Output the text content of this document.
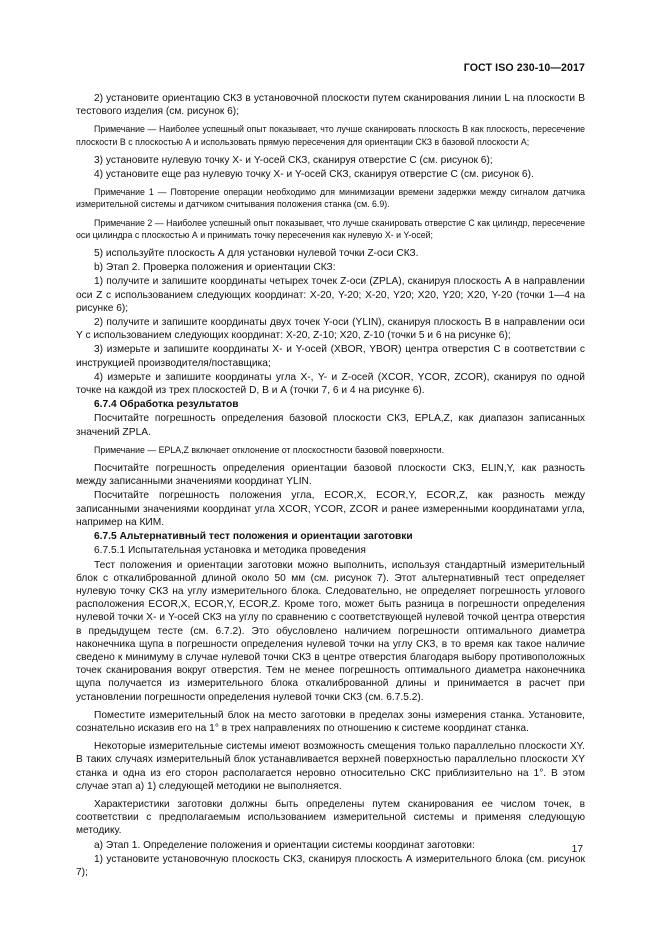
ГОСТ ISO 230-10—2017

2) установите ориентацию СКЗ в установочной плоскости путем сканирования линии L на плоскости В тестового изделия (см. рисунок 6);

Примечание — Наиболее успешный опыт показывает, что лучше сканировать плоскость В как плоскость, пересечение плоскости В с плоскостью А и использовать прямую пересечения для ориентации СКЗ в базовой плоскости А;

3) установите нулевую точку Х- и Y-осей СКЗ, сканируя отверстие С (см. рисунок 6);

4) установите еще раз нулевую точку Х- и Y-осей СКЗ, сканируя отверстие С (см. рисунок 6).

Примечание 1 — Повторение операции необходимо для минимизации времени задержки между сигналом датчика измерительной системы и датчиком считывания положения станка (см. 6.9).

Примечание 2 — Наиболее успешный опыт показывает, что лучше сканировать отверстие С как цилиндр, пересечение оси цилиндра с плоскостью А и принимать точку пересечения как нулевую Х- и Y-осей;

5) используйте плоскость А для установки нулевой точки Z-оси СКЗ.

b) Этап 2. Проверка положения и ориентации СКЗ:

1) получите и запишите координаты четырех точек Z-оси (ZPLA), сканируя плоскость А в направлении оси Z с использованием следующих координат: Х-20, Y-20; Х-20, Y20; Х20, Y20; Х20, Y-20 (точки 1—4 на рисунке 6);

2) получите и запишите координаты двух точек Y-оси (YLIN), сканируя плоскость В в направлении оси Y с использованием следующих координат: Х-20, Z-10; Х20, Z-10 (точки 5 и 6 на рисунке 6);

3) измерьте и запишите координаты Х- и Y-осей (XBOR, YBOR) центра отверстия С в соответствии с инструкцией производителя/поставщика;

4) измерьте и запишите координаты угла Х-, Y- и Z-осей (XCOR, YCOR, ZCOR), сканируя по одной точке на каждой из трех плоскостей D, В и А (точки 7, 6 и 4 на рисунке 6).

6.7.4 Обработка результатов

Посчитайте погрешность определения базовой плоскости СКЗ, EPLA,Z, как диапазон записанных значений ZPLA.

Примечание — EPLA,Z включает отклонение от плоскостности базовой поверхности.

Посчитайте погрешность определения ориентации базовой плоскости СКЗ, ELIN,Y, как разность между записанными значениями координат YLIN.

Посчитайте погрешность положения угла, ECOR,X, ECOR,Y, ECOR,Z, как разность между записанными значениями координат угла XCOR, YCOR, ZCOR и ранее измеренными координатами угла, например на КИМ.

6.7.5 Альтернативный тест положения и ориентации заготовки

6.7.5.1 Испытательная установка и методика проведения

Тест положения и ориентации заготовки можно выполнить, используя стандартный измерительный блок с откалиброванной длиной около 50 мм (см. рисунок 7). Этот альтернативный тест определяет нулевую точку СКЗ на углу измерительного блока. Следовательно, не определяет погрешность углового расположения ECOR,X, ECOR,Y, ECOR,Z. Кроме того, может быть разница в погрешности определения нулевой точки Х- и Y-осей СКЗ на углу по сравнению с соответствующей нулевой точкой центра отверстия в предыдущем тесте (см. 6.7.2). Это обусловлено наличием погрешности оптимального диаметра наконечника щупа в погрешности определения нулевой точки на углу СКЗ, в то время как такое наличие сведено к минимуму в случае нулевой точки СКЗ в центре отверстия благодаря выбору противоположных точек сканирования вокруг отверстия. Тем не менее погрешность оптимального диаметра наконечника щупа получается из измерительного блока откалиброванной длины и принимается в расчет при установлении погрешности определения нулевой точки СКЗ (см. 6.7.5.2).

Поместите измерительный блок на место заготовки в пределах зоны измерения станка. Установите, сознательно исказив его на 1° в трех направлениях по отношению к системе координат станка.

Некоторые измерительные системы имеют возможность смещения только параллельно плоскости XY. В таких случаях измерительный блок устанавливается верхней поверхностью параллельно плоскости XY станка и одна из его сторон располагается неровно относительно СКС приблизительно на 1°. В этом случае этап а) 1) следующей методики не выполняется.

Характеристики заготовки должны быть определены путем сканирования ее числом точек, в соответствии с предполагаемым использованием измерительной системы и применяя следующую методику.

а) Этап 1. Определение положения и ориентации системы координат заготовки:

1) установите установочную плоскость СКЗ, сканируя плоскость А измерительного блока (см. рисунок 7);

17
